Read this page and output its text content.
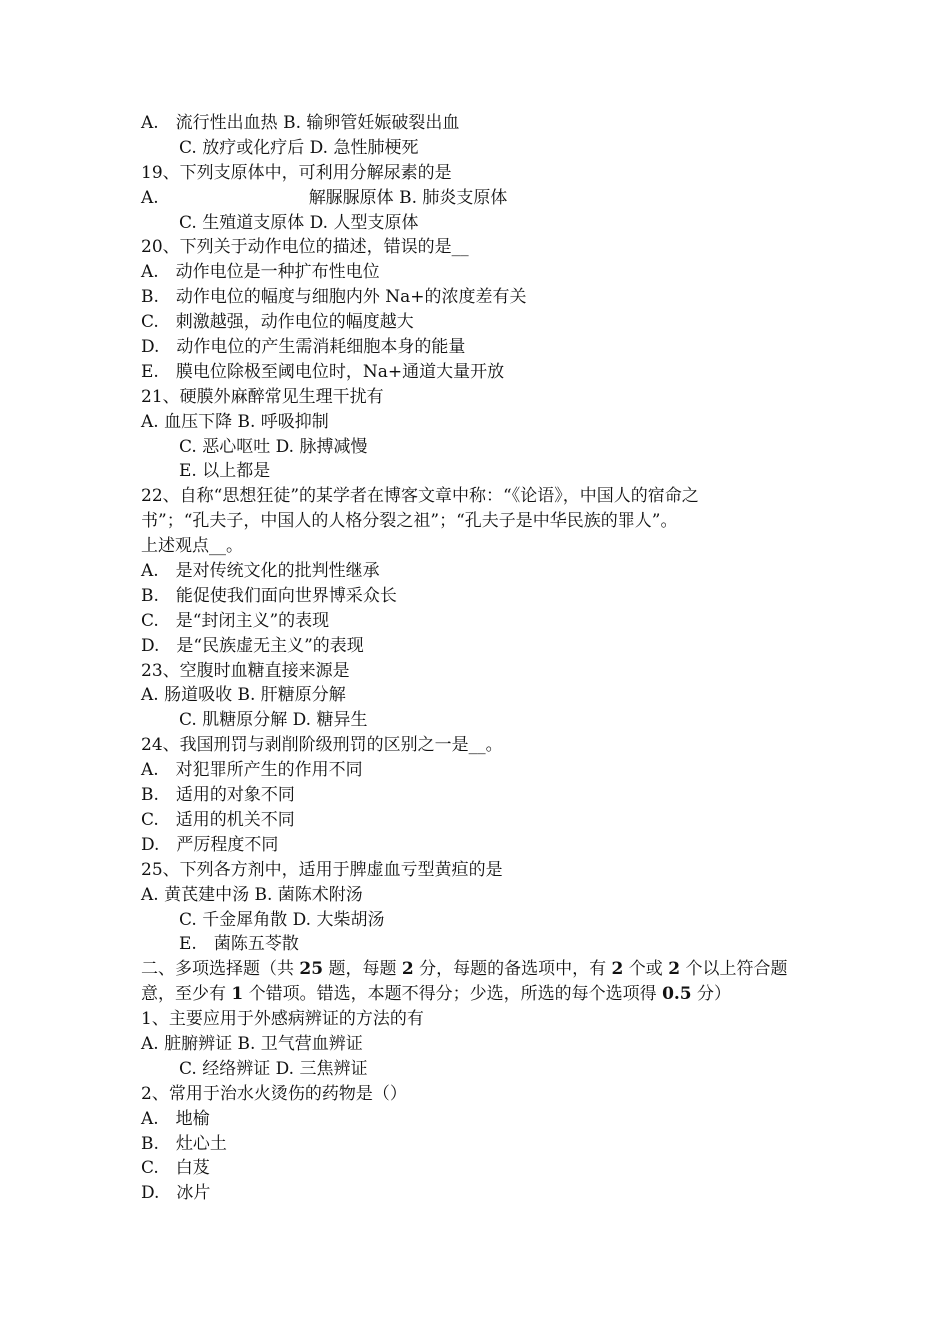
A.　流行性出血热 B. 输卵管妊娠破裂出血
C. 放疗或化疗后 D. 急性肺梗死
19、下列支原体中，可利用分解尿素的是
A.	解脲脲原体 B. 肺炎支原体
C. 生殖道支原体 D. 人型支原体
20、下列关于动作电位的描述，错误的是__
A.　动作电位是一种扩布性电位
B.　动作电位的幅度与细胞内外 Na+的浓度差有关
C.　刺激越强，动作电位的幅度越大
D.　动作电位的产生需消耗细胞本身的能量
E.　膜电位除极至阈电位时，Na+通道大量开放
21、硬膜外麻醉常见生理干扰有
A. 血压下降 B. 呼吸抑制
C. 恶心呕吐 D. 脉搏减慢
E. 以上都是
22、自称“思想狂徒”的某学者在博客文章中称：“《论语》，中国人的宿命之
书”；“孔夫子，中国人的人格分裂之祖”；“孔夫子是中华民族的罪人”。
上述观点__。
A.　是对传统文化的批判性继承
B.　能促使我们面向世界博采众长
C.　是“封闭主义”的表现
D.　是“民族虚无主义”的表现
23、空腹时血糖直接来源是
A. 肠道吸收 B. 肝糖原分解
C. 肌糖原分解 D. 糖异生
24、我国刑罚与剥削阶级刑罚的区别之一是__。
A.　对犯罪所产生的作用不同
B.　适用的对象不同
C.　适用的机关不同
D.　严厉程度不同
25、下列各方剂中，适用于脾虚血亏型黄疸的是
A. 黄芪建中汤 B. 菌陈术附汤
C. 千金犀角散 D. 大柴胡汤
E.　菌陈五苓散
二、多项选择题（共 25 题，每题 2 分，每题的备选项中，有 2 个或 2 个以上符合题意，至少有 1 个错项。错选，本题不得分；少选，所选的每个选项得 0.5 分）
1、主要应用于外感病辨证的方法的有
A. 脏腑辨证 B. 卫气营血辨证
C. 经络辨证 D. 三焦辨证
2、常用于治水火烫伤的药物是（）
A.　地榆
B.　灶心土
C.　白芨
D.　冰片
